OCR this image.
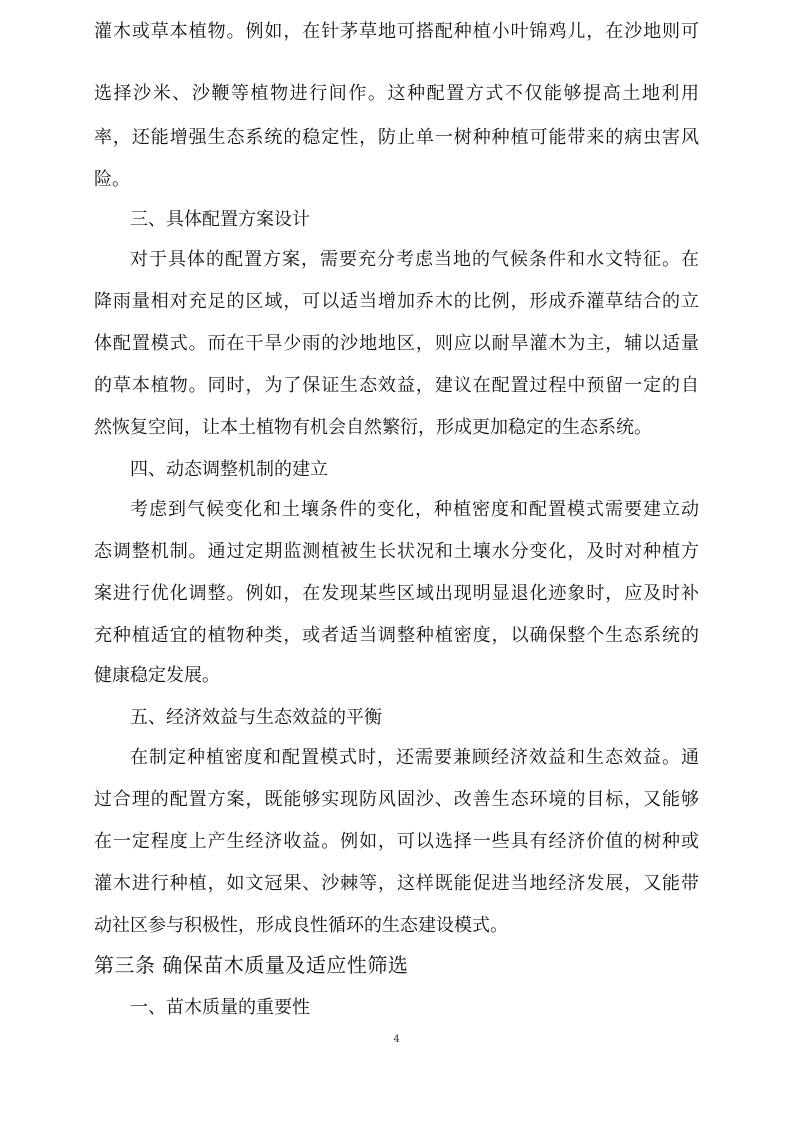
灌木或草本植物。例如，在针茅草地可搭配种植小叶锦鸡儿，在沙地则可
选择沙米、沙鞭等植物进行间作。这种配置方式不仅能够提高土地利用
率，还能增强生态系统的稳定性，防止单一树种种植可能带来的病虫害风
险。
三、具体配置方案设计
对于具体的配置方案，需要充分考虑当地的气候条件和水文特征。在
降雨量相对充足的区域，可以适当增加乔木的比例，形成乔灌草结合的立
体配置模式。而在干旱少雨的沙地地区，则应以耐旱灌木为主，辅以适量
的草本植物。同时，为了保证生态效益，建议在配置过程中预留一定的自
然恢复空间，让本土植物有机会自然繁衍，形成更加稳定的生态系统。
四、动态调整机制的建立
考虑到气候变化和土壤条件的变化，种植密度和配置模式需要建立动
态调整机制。通过定期监测植被生长状况和土壤水分变化，及时对种植方
案进行优化调整。例如，在发现某些区域出现明显退化迹象时，应及时补
充种植适宜的植物种类，或者适当调整种植密度，以确保整个生态系统的
健康稳定发展。
五、经济效益与生态效益的平衡
在制定种植密度和配置模式时，还需要兼顾经济效益和生态效益。通
过合理的配置方案，既能够实现防风固沙、改善生态环境的目标，又能够
在一定程度上产生经济收益。例如，可以选择一些具有经济价值的树种或
灌木进行种植，如文冠果、沙棘等，这样既能促进当地经济发展，又能带
动社区参与积极性，形成良性循环的生态建设模式。
第三条 确保苗木质量及适应性筛选
一、苗木质量的重要性
4
